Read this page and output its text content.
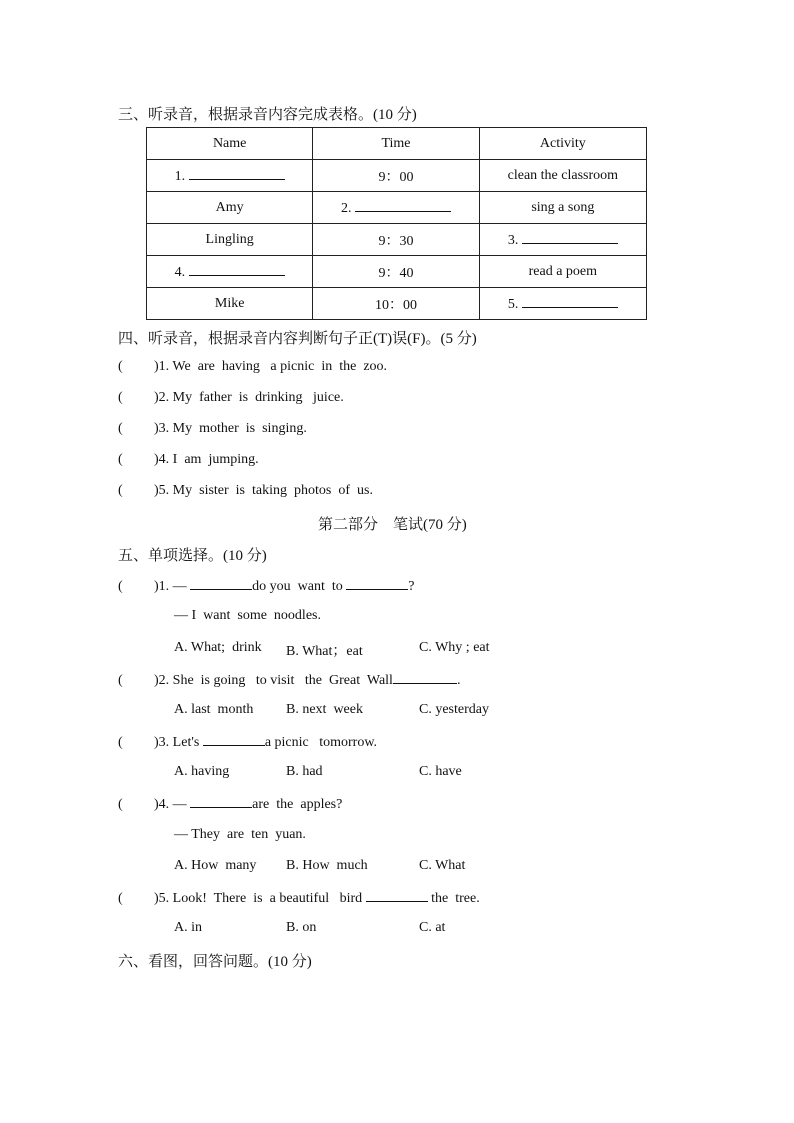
三、听录音，根据录音内容完成表格。(10 分)
Name	Time	Activity
1.	9：00	clean the classroom
Amy	2.	sing a song
Lingling	9：30	3.
4.	9：40	read a poem
Mike	10：00	5.
四、听录音，根据录音内容判断句子正(T)误(F)。(5 分)
( )1. We  are  having   a picnic  in  the  zoo.
( )2. My  father  is  drinking   juice.
( )3. My  mother  is  singing.
( )4. I  am  jumping.
( )5. My  sister  is  taking  photos  of  us.
第二部分　笔试(70 分)
五、单项选择。(10 分)
( )1. —	do you  want  to	?
— I  want  some  noodles.
A. What;  drink B. What；eat	C. Why ; eat
( )2. She  is going   to visit   the  Great  Wall	.
A. last  month B. next  week	C. yesterday
( )3. Let's	a picnic   tomorrow.
A. having	B. had	C. have
( )4. —	are  the  apples?
— They  are  ten  yuan.
A. How  many B. How  much	C. What
( )5. Look!  There  is  a beautiful   bird	the  tree.
A. in	B. on	C. at
六、看图，回答问题。(10 分)
